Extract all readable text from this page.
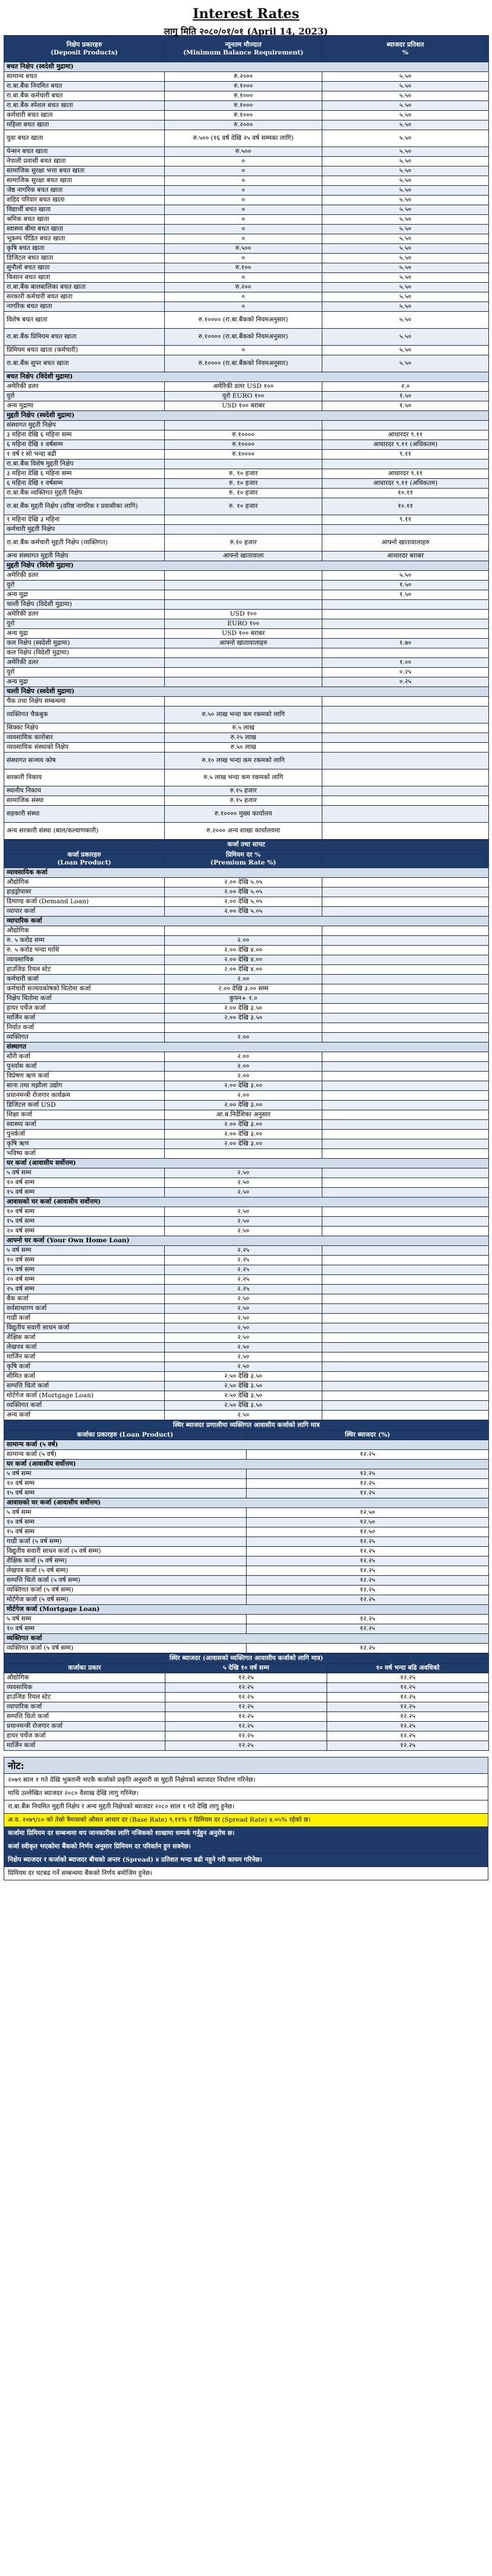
Interest Rates
लागु मिति २०८०/०१/०१ (April 14, 2023)
निक्षेप प्रकारहरु
(Deposit Products)	न्यूनतम मौज्दात
(Minimum Balance Requirement)	ब्याजदर प्रतिशत
%
बचत निक्षेप (स्वदेशी मुद्रामा)		
सामान्य बचत	रु.२०००	५.५०
रा.बा.बैंक नियमित बचत	रु.१०००	५.५०
रा.बा.बैंक कर्मचारी बचत	रु.१०००	५.५०
रा.बा.बैंक स्पेशल बचत खाता	रु.१०००	५.५०
कर्मचारी बचत खाता	रु.१०००	५.५०
महिला बचत खाता	रु.२०००	५.५०
युवा बचत खाता	रु.५०० (१६ वर्ष देखि २५ वर्ष सम्मका लागि)	५.५०
पेन्सन बचत खाता	रु.५००	५.५०
नेपाली प्रवासी बचत खाता	०	५.५०
सामाजिक सुरक्षा भत्ता बचत खाता	०	५.५०
सामाजिक सुरक्षा बचत खाता	०	५.५०
जेष्ठ नागरिक बचत खाता	०	५.५०
शहिद परिवार बचत खाता	०	५.५०
विद्यार्थी बचत खाता	०	५.५०
श्रमिक बचत खाता	०	५.५०
स्वास्थ्य बीमा बचत खाता	०	५.५०
भूकम्प पीडित बचत खाता	०	५.५०
कृषि बचत खाता	रु.५००	५.५०
डिजिटल बचत खाता	०	५.५०
सुनौलो बचत खाता	रु.१००	५.५०
किसान बचत खाता	०	५.५०
रा.बा.बैंक बालबालिका बचत खाता	रु.२००	५.५०
सरकारी कर्मचारी बचत खाता	०	५.५०
नागरिक बचत खाता	०	५.५०
विशेष बचत खाता	रु.१०००० (रा.बा.बैंकको नियमअनुसार)	५.५०
रा.बा.बैंक प्रिमियम बचत खाता	रु.१०००० (रा.बा.बैंकको नियमअनुसार)	५.५०
प्रिमियम बचत खाता (कर्मचारी)	०	५.५०
रा.बा.बैंक सुपर बचत खाता	रु.१०००० (रा.बा.बैंकको नियमअनुसार)	५.५०
बचत निक्षेप (विदेशी मुद्रामा)		
अमेरिकी डलर	अमेरिकी डलर USD १००	२.०
युरो	युरो EURO १००	१.५०
अन्य मुद्रामा	USD १०० बराबर	१.५०
मुद्दती निक्षेप (स्वदेशी मुद्रामा)		
संस्थागत मुद्दती निक्षेप		
३ महिना देखि ६ महिना सम्म	रु.१००००	आधारदर ९.११
६ महिना देखि १ वर्षसम्म	रु.१००००	आधारदर ९.११ (अधिकतम)
१ वर्ष र सो भन्दा बढी	रु.१००००	९.११
रा.बा.बैंक विशेष मुद्दती निक्षेप		
३ महिना देखि ६ महिना सम्म	रु. १० हजार	आधारदर ९.११
६ महिना देखि १ वर्षसम्म	रु. १० हजार	आधारदर ९.११ (अधिकतम)
रा.बा.बैंक व्यक्तिगत मुद्दती निक्षेप	रु. १० हजार	१०.११
रा.बा.बैंक मुद्दती निक्षेप (वरिष्ठ नागरिक र प्रवासीका लागि)	रु. १० हजार	१०.११
१ महिना देखि ३ महिना		९.११
कर्मचारी मुद्दती निक्षेप		
रा.बा.बैंक कर्मचारी मुद्दती निक्षेप (व्यक्तिगत)	रु.१० हजार	आफ्नो खातावालाहरु
अन्य संस्थागत मुद्दती निक्षेप	आफ्नो खातावाला	आधारदर बराबर
मुद्दती निक्षेप (विदेशी मुद्रामा)		
अमेरिकी डलर		५.५०
युरो		१.५०
अन्य मुद्रा		१.५०
चल्ती निक्षेप (विदेशी मुद्रामा)		
अमेरिकी डलर	USD १००	
युरो	EURO १००	
अन्य मुद्रा	USD १०० बराबर	
कल निक्षेप (स्वदेशी मुद्रामा)	आफ्नो खातावालाहरु	१.७०
कल निक्षेप (विदेशी मुद्रामा)		
अमेरिकी डलर		१.००
युरो		०.२५
अन्य मुद्रा		०.२५
चल्ती निक्षेप (स्वदेशी मुद्रामा)		
चैक तथा निक्षेप सम्बन्धमा		
व्यक्तिगत चैकबुक	रु.५० लाख भन्दा कम रकमको लागि	
सिक्का निक्षेप	रु.५ लाख	
व्यवसायिक कारोबार	रु.२५ लाख	
व्यवसायिक संस्थाको निक्षेप	रु.५० लाख	
संस्थागत सञ्चय कोष	रु.१० लाख भन्दा कम रकमको लागि	
सरकारी निकाय	रु.५ लाख भन्दा कम रकमको लागि	
स्थानीय निकाय	रु.१५ हजार	
सामाजिक संस्था	रु.१५ हजार	
सहकारी संस्था	रु.१०००० मुख्य कार्यालय	
अन्य सरकारी संस्था (बाल/कल्याणकारी)	रु.२००० अन्य शाखा कार्यालयमा	
कर्जा तथा सापट		
कर्जा प्रकारहरु
(Loan Product)	प्रिमियम दर %
(Premium Rate %)	
व्यावसायिक कर्जा		
औद्योगिक	२.०० देखि ५.०५	
हाइड्रोपावर	२.०० देखि ५.०५	
डिमाण्ड कर्जा (Demand Loan)	२.०० देखि ५.०५	
व्यापार कर्जा	२.०० देखि ५.०५	
व्यापारिक कर्जा		
औद्योगिक		
रु. ५ करोड सम्म	२.००	
रु. ५ करोड भन्दा माथि	२.०० देखि ४.००	
व्यावसायिक	२.०० देखि ४.००	
हाउजिङ रियल स्टेट	२.०० देखि ४.००	
कर्मचारी कर्जा	२.००	
कर्मचारी सञ्चयकोषको धितोमा कर्जा	२.०० देखि ३.०० सम्म	
निक्षेप धितोमा कर्जा	कुपन+ १.०	
हायर पर्चेज कर्जा	२.०० देखि ३.५०	
मार्जिन कर्जा	२.०० देखि ३.५०	
निर्यात कर्जा		
व्यक्तिगत	२.००	
संस्थागत		
सौरी कर्जा	२.००	
पुनर्वास कर्जा	२.००	
विप्रेषण ऋण कर्जा	२.००	
साना तथा मझौला उद्योग	२.०० देखि ३.००	
प्रधानमन्त्री रोजगार कार्यक्रम	२.००	
डिजिटल कर्जा USD	२.०० देखि ३.००	
शिक्षा कर्जा	आ.ब.निर्देशिका अनुसार	
स्वास्थ्य कर्जा	२.०० देखि ३.००	
पुनर्कर्जा	२.०० देखि ३.००	
कृषि ऋण	२.०० देखि ३.००	
भविष्य कर्जा		
घर कर्जा (आवासीय सर्वोत्तम)		
५ वर्ष सम्म	२.५०	
१० वर्ष सम्म	२.५०	
१५ वर्ष सम्म	२.५०	
आवासको घर कर्जा (आवासीय सर्वोत्तम)		
१० वर्ष सम्म	२.५०	
१५ वर्ष सम्म	२.५०	
२० वर्ष सम्म	२.५०	
आफ्नो घर कर्जा (Your Own Home Loan)		
५ वर्ष सम्म	२.२५	
१० वर्ष सम्म	२.२५	
१५ वर्ष सम्म	२.२५	
२० वर्ष सम्म	२.२५	
२५ वर्ष सम्म	२.२५	
बैंक कर्जा	२.५०	
सर्वसाधारण कर्जा	२.५०	
गाडी कर्जा	२.५०	
विद्युतीय सवारी साधन कर्जा	२.५०	
शैक्षिक कर्जा	२.५०	
लेखपत्र कर्जा	२.५०	
मार्जिन कर्जा	२.५०	
कृषि कर्जा	२.५०	
सीमित कर्जा	२.५० देखि ३.५०	
सम्पत्ति धितो कर्जा	२.५० देखि ३.५०	
मोर्टगेज कर्जा (Mortgage Loan)	२.५० देखि ३.५०	
व्यक्तिगत कर्जा	२.५० देखि ३.५०	
अन्य कर्जा	२.५०	
स्थिर ब्याजदर प्रणालीमा व्यक्तिगत आवासीय कर्जाको लागि मात्र	
कर्जाका प्रकारहरु (Loan Product)	स्थिर ब्याजदर (%)
सामान्य कर्जा (५ वर्ष)	
सामान्य कर्जा (५ वर्ष)	१२.२५
घर कर्जा (आवासीय सर्वोत्तम)	
५ वर्ष सम्म	१२.२५
१० वर्ष सम्म	१२.२५
१५ वर्ष सम्म	१२.२५
आवासको घर कर्जा (आवासीय सर्वोत्तम)	
५ वर्ष सम्म	१२.५०
१० वर्ष सम्म	१२.५०
१५ वर्ष सम्म	१२.५०
गाडी कर्जा (५ वर्ष सम्म)	१२.२५
विद्युतीय सवारी साधन कर्जा (५ वर्ष सम्म)	१२.२५
शैक्षिक कर्जा (५ वर्ष सम्म)	१२.२५
लेखपत्र कर्जा (५ वर्ष सम्म)	१२.२५
सम्पत्ति धितो कर्जा (५ वर्ष सम्म)	१२.२५
व्यक्तिगत कर्जा (५ वर्ष सम्म)	१२.२५
मोर्टगेज कर्जा (५ वर्ष सम्म)	१२.२५
मोर्टगेज कर्जा (Mortgage Loan)	
५ वर्ष सम्म	१२.२५
१० वर्ष सम्म	१२.२५
व्यक्तिगत कर्जा	
व्यक्तिगत कर्जा (५ वर्ष सम्म)	१२.२५
स्थिर ब्याजदर (आवासको व्यक्तिगत आवासीय कर्जाको लागि मात्र)		
कर्जाका प्रकार	५ देखि १० वर्ष सम्म	१० वर्ष भन्दा बढि अवधिको
औद्योगिक	१२.२५	१२.२५
व्यवसायिक	१२.२५	१२.२५
हाउजिङ रियल स्टेट	१२.२५	१२.२५
व्यापारिक कर्जा	१२.२५	१२.२५
सम्पत्ति धितो कर्जा	१२.२५	१२.२५
प्रधानमन्त्री रोजगार कर्जा	१२.२५	१२.२५
हायर पर्चेज कर्जा	१२.२५	१२.२५
मार्जिन कर्जा	१२.२५	१२.२५
नोट:
२०७९ साल १ गते देखि भुक्तानी भएकै कर्जाको प्रकृति अनुसारी वा मुद्दती निक्षेपको ब्याजदर निर्धारण गरिनेछ।
माथि उल्लेखित ब्याजदर २०८० वैशाख देखि लागु गरिनेछ।
रा.बा.बैंक नियमित मुद्दती निक्षेप र अन्य मुद्दती निक्षेपको ब्याजदर २०८० साल १ गते देखि लागु हुनेछ।
अ.व. २०७९/८० को तेस्रो त्रैमासको औसत आधार दर (Base Rate) ९.११% र प्रिमियम दर (Spread Rate) ४.०५% रहेको छ।
कर्जामा प्रिमियम दर सम्बन्धमा थप जानकारीका लागि नजिकको शाखामा सम्पर्क गर्नुहुन अनुरोध छ।
कर्जा स्वीकृत भएकोमा बैंकको निर्णय अनुसार प्रिमियम दर परिवर्तन हुन सक्नेछ।
निक्षेप ब्याजदर र कर्जाको ब्याजदर बीचको अन्तर (Spread) ४ प्रतिशत भन्दा बढी नहुने गरी कायम गरिनेछ।
प्रिमियम दर घटबढ गर्ने सम्बन्धमा बैंकको निर्णय बमोजिम हुनेछ।
